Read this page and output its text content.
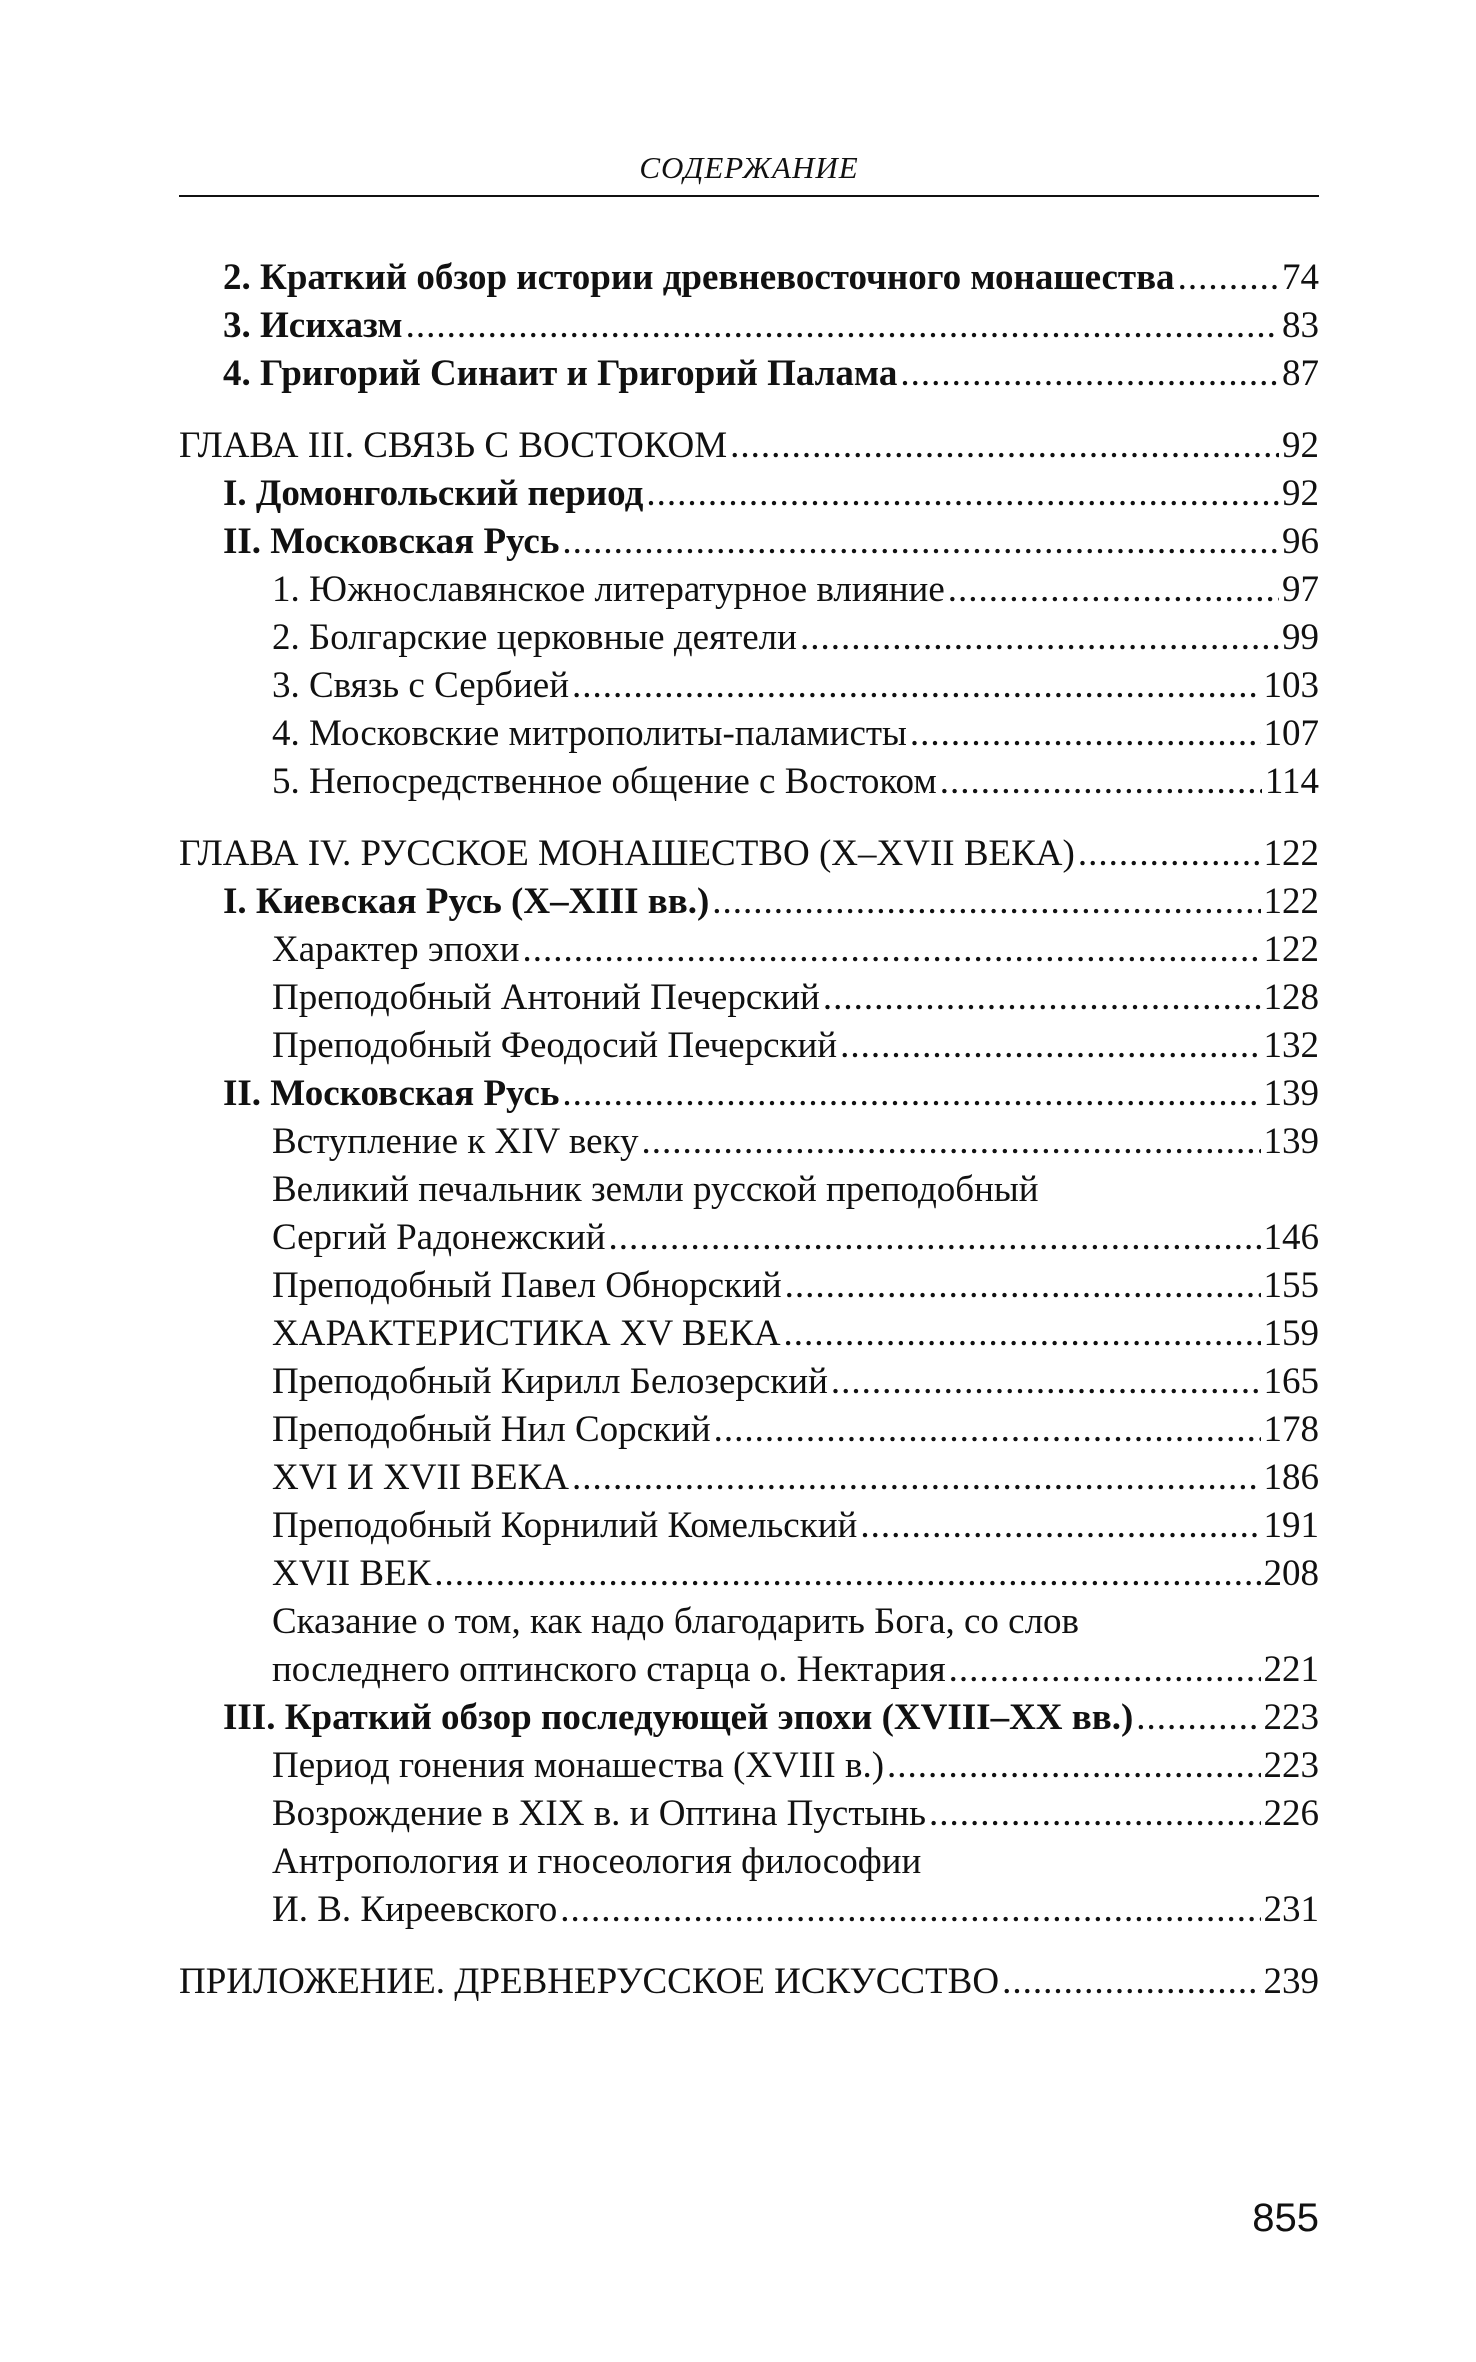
СОДЕРЖАНИЕ
2. Краткий обзор истории древневосточного монашества .....	74
3. Исихазм .....	83
4. Григорий Синаит и Григорий Палама .....	87
ГЛАВА III. СВЯЗЬ С ВОСТОКОМ .....	92
I. Домонгольский период .....	92
II. Московская Русь .....	96
1. Южнославянское литературное влияние .....	97
2. Болгарские церковные деятели .....	99
3. Связь с Сербией .....	103
4. Московские митрополиты-паламисты .....	107
5. Непосредственное общение с Востоком .....	114
ГЛАВА IV. РУССКОЕ МОНАШЕСТВО (X–XVII ВЕКА) .....	122
I. Киевская Русь (X–XIII вв.) .....	122
Характер эпохи .....	122
Преподобный Антоний Печерский .....	128
Преподобный Феодосий Печерский .....	132
II. Московская Русь .....	139
Вступление к XIV веку .....	139
Великий печальник земли русской преподобный
Сергий Радонежский .....	146
Преподобный Павел Обнорский .....	155
ХАРАКТЕРИСТИКА XV ВЕКА .....	159
Преподобный Кирилл Белозерский .....	165
Преподобный Нил Сорский .....	178
XVI И XVII ВЕКА .....	186
Преподобный Корнилий Комельский .....	191
XVII ВЕК .....	208
Сказание о том, как надо благодарить Бога, со слов
последнего оптинского старца о. Нектария .....	221
III. Краткий обзор последующей эпохи (XVIII–XX вв.) .....	223
Период гонения монашества (XVIII в.) .....	223
Возрождение в XIX в. и Оптина Пустынь .....	226
Антропология и гносеология философии
И. В. Киреевского .....	231
ПРИЛОЖЕНИЕ. ДРЕВНЕРУССКОЕ ИСКУССТВО .....	239
855
